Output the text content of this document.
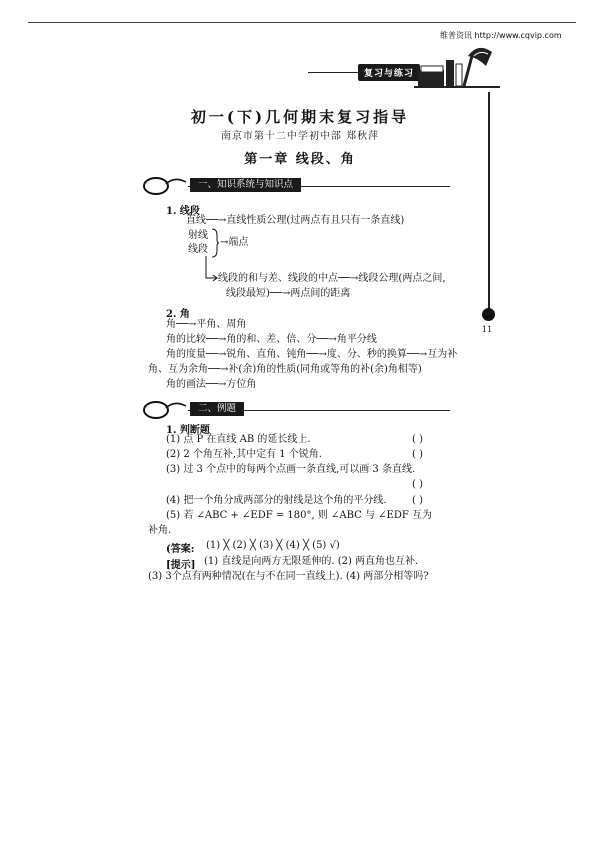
维普资讯 http://www.cqvip.com
复习与练习
11
初一(下)几何期末复习指导
南京市第十二中学初中部 郑秋萍
第一章 线段、角
一、知识系统与知识点
1. 线段
直线──→直线性质公理(过两点有且只有一条直线)
射线
线段
→端点
线段的和与差、线段的中点──→线段公理(两点之间,
线段最短)──→两点间的距离
2. 角
角──→平角、周角
角的比较──→角的和、差、倍、分──→角平分线
角的度量──→锐角、直角、钝角──→度、分、秒的换算──→互为补
角、互为余角──→补(余)角的性质(同角或等角的补(余)角相等)
角的画法──→方位角
二、例题
1. 判断题
(1) 点 P 在直线 AB 的延长线上.	( )
(2) 2 个角互补,其中定有 1 个锐角.	( )
(3) 过 3 个点中的每两个点画一条直线,可以画 3 条直线.
( )
(4) 把一个角分成两部分的射线是这个角的平分线.	( )
(5) 若 ∠ABC + ∠EDF = 180°, 则 ∠ABC 与 ∠EDF 互为
补角.
(答案: (1) ╳ (2) ╳ (3) ╳ (4) ╳ (5) √)
[提示] (1) 直线是向两方无限延伸的. (2) 两直角也互补.
(3) 3个点有两种情况(在与不在同一直线上). (4) 两部分相等吗?
